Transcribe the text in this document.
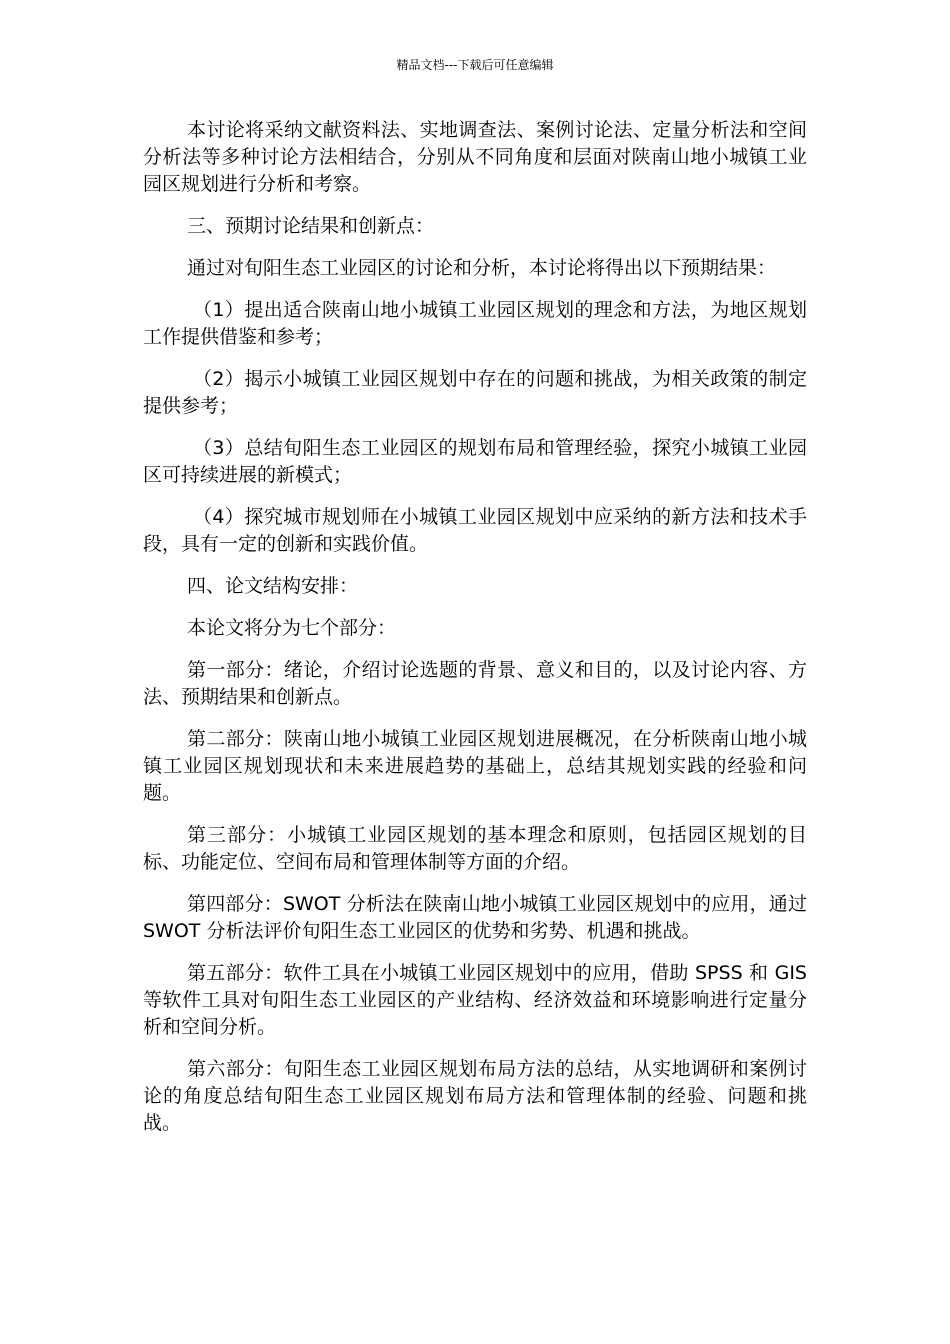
精品文档---下载后可任意编辑

本讨论将采纳文献资料法、实地调查法、案例讨论法、定量分析法和空间分析法等多种讨论方法相结合，分别从不同角度和层面对陕南山地小城镇工业园区规划进行分析和考察。

三、预期讨论结果和创新点：

通过对旬阳生态工业园区的讨论和分析，本讨论将得出以下预期结果：

（1）提出适合陕南山地小城镇工业园区规划的理念和方法，为地区规划工作提供借鉴和参考；

（2）揭示小城镇工业园区规划中存在的问题和挑战，为相关政策的制定提供参考；

（3）总结旬阳生态工业园区的规划布局和管理经验，探究小城镇工业园区可持续进展的新模式；

（4）探究城市规划师在小城镇工业园区规划中应采纳的新方法和技术手段，具有一定的创新和实践价值。

四、论文结构安排：

本论文将分为七个部分：

第一部分：绪论，介绍讨论选题的背景、意义和目的，以及讨论内容、方法、预期结果和创新点。

第二部分：陕南山地小城镇工业园区规划进展概况，在分析陕南山地小城镇工业园区规划现状和未来进展趋势的基础上，总结其规划实践的经验和问题。

第三部分：小城镇工业园区规划的基本理念和原则，包括园区规划的目标、功能定位、空间布局和管理体制等方面的介绍。

第四部分：SWOT 分析法在陕南山地小城镇工业园区规划中的应用，通过 SWOT 分析法评价旬阳生态工业园区的优势和劣势、机遇和挑战。

第五部分：软件工具在小城镇工业园区规划中的应用，借助 SPSS 和 GIS 等软件工具对旬阳生态工业园区的产业结构、经济效益和环境影响进行定量分析和空间分析。

第六部分：旬阳生态工业园区规划布局方法的总结，从实地调研和案例讨论的角度总结旬阳生态工业园区规划布局方法和管理体制的经验、问题和挑战。
